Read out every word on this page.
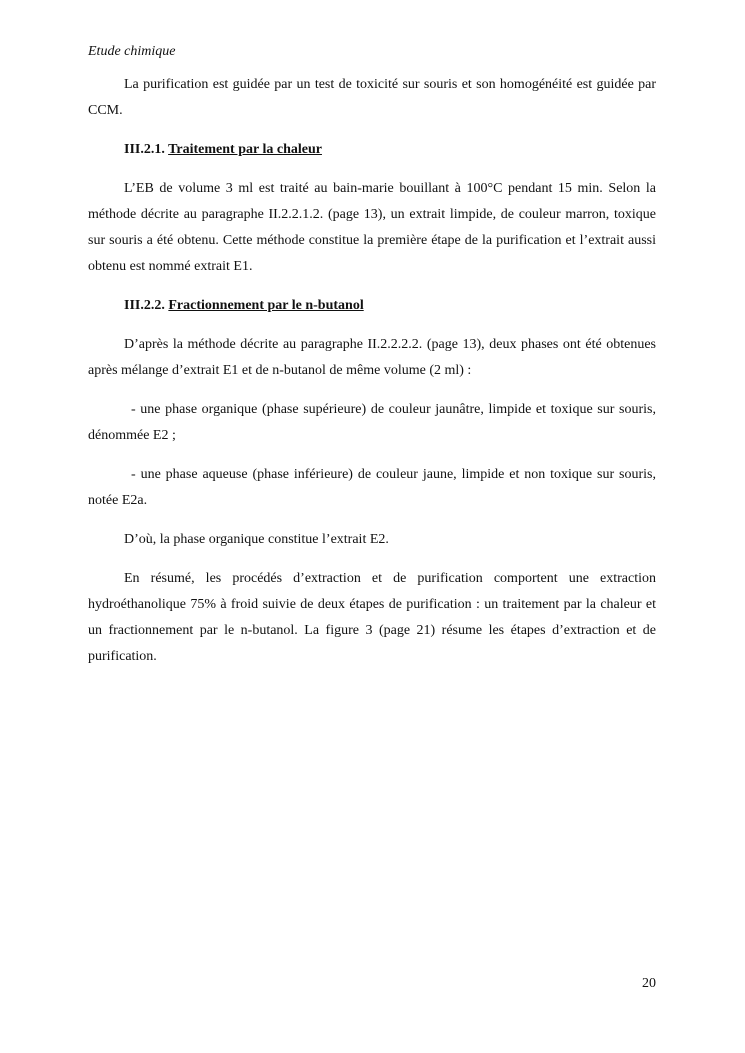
Etude chimique

La purification est guidée par un test de toxicité sur souris et son homogénéité est guidée par CCM.

III.2.1. Traitement par la chaleur

L’EB de volume 3 ml est traité au bain-marie bouillant à 100°C pendant 15 min. Selon la méthode décrite au paragraphe II.2.2.1.2. (page 13), un extrait limpide, de couleur marron, toxique sur souris a été obtenu. Cette méthode constitue la première étape de la purification et l’extrait aussi obtenu est nommé extrait E1.

III.2.2. Fractionnement par le n-butanol

D’après la méthode décrite au paragraphe II.2.2.2.2. (page 13), deux phases ont été obtenues après mélange d’extrait E1 et de n-butanol de même volume (2 ml) :

- une phase organique (phase supérieure) de couleur jaunâtre, limpide et toxique sur souris, dénommée E2 ;

- une phase aqueuse (phase inférieure) de couleur jaune, limpide et non toxique sur souris, notée E2a.

D’où, la phase organique constitue l’extrait E2.

En résumé, les procédés d’extraction et de purification comportent une extraction hydroéthanolique 75% à froid suivie de deux étapes de purification : un traitement par la chaleur et un fractionnement par le n-butanol. La figure 3 (page 21) résume les étapes d’extraction et de purification.

20
